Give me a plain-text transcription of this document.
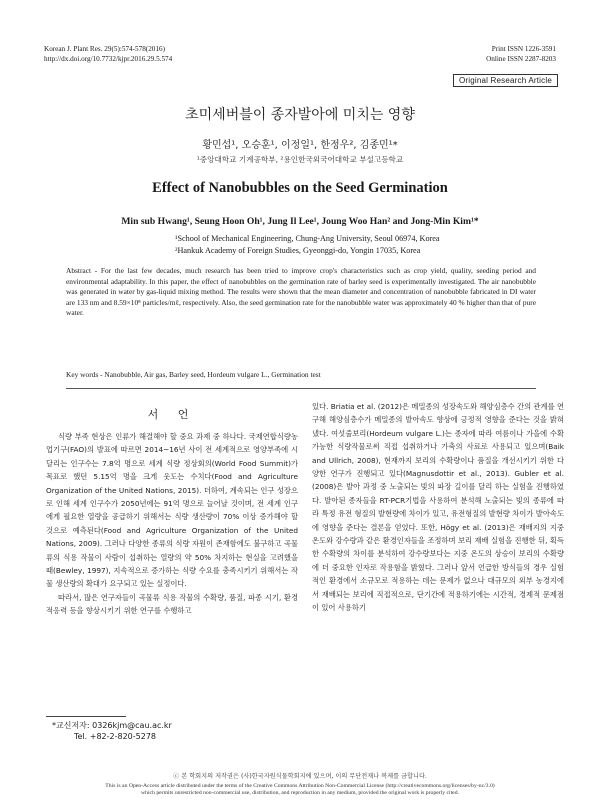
Korean J. Plant Res. 29(5):574-578(2016)
http://dx.doi.org/10.7732/kjpr.2016.29.5.574
Print ISSN 1226-3591
Online ISSN 2287-8203
Original Research Article
초미세버블이 종자발아에 미치는 영향
황민섭¹, 오승훈¹, 이정일¹, 한정우², 김종민¹*
¹중앙대학교 기계공학부, ²용인한국외국어대학교 부설고등학교
Effect of Nanobubbles on the Seed Germination
Min sub Hwang¹, Seung Hoon Oh¹, Jung Il Lee¹, Joung Woo Han² and Jong-Min Kim¹*
¹School of Mechanical Engineering, Chung-Ang University, Seoul 06974, Korea
²Hankuk Academy of Foreign Studies, Gyeonggi-do, Yongin 17035, Korea
Abstract - For the last few decades, much research has been tried to improve crop's characteristics such as crop yield, quality, seeding period and environmental adaptability. In this paper, the effect of nanobubbles on the germination rate of barley seed is experimentally investigated. The air nanobubble was generated in water by gas-liquid mixing method. The results were shown that the mean diameter and concentration of nanobubble fabricated in DI water are 133 nm and 8.59×10⁸ particles/mℓ, respectively. Also, the seed germination rate for the nanobubble water was approximately 40 % higher than that of pure water.
Key words - Nanobubble, Air gas, Barley seed, Hordeum vulgare L., Germination test
서 언

식량 부족 현상은 인류가 해결해야 할 중요 과제 중 하나다. 국제연합식량농업기구(FAO)의 발표에 따르면 2014~16년 사이 전 세계적으로 영양부족에 시달리는 인구수는 7.8억 명으로 세계 식량 정상회의(World Food Summit)가 목표로 했던 5.15억 명을 크게 웃도는 수치다(Food and Agriculture Organization of the United Nations, 2015). 더하여, 계속되는 인구 성장으로 인해 세계 인구수가 2050년에는 91억 명으로 늘어날 것이며, 전 세계 인구에게 필요한 열량을 공급하기 위해서는 식량 생산량이 70% 이상 증가해야 할 것으로 예측된다(Food and Agriculture Organization of the United Nations, 2009). 그러나 다양한 종류의 식량 자원이 존재함에도 불구하고 곡물류의 식용 작물이 사람이 섭취하는 열량의 약 50% 차지하는 현실을 고려했을 때(Bewley, 1997), 지속적으로 증가하는 식량 수요를 충족시키기 위해서는 작물 생산량의 확대가 요구되고 있는 실정이다.

따라서, 많은 연구자들이 곡물류 식용 작물의 수확량, 품질, 파종 시기, 환경 적응력 등을 향상시키기 위한 연구를 수행하고

있다. Briatia et al. (2012)은 메밀종의 성장속도와 해양심층수 간의 관계를 연구해 해양심층수가 메밀종의 발아속도 향상에 긍정적 영향을 준다는 것을 밝혀냈다. 여섯줄보리(Hordeum vulgare L.)는 종자에 따라 여름이나 가을에 수확 가능한 식량작물로써 직접 섭취하거나 가축의 사료로 사용되고 있으며(Baik and Ullrich, 2008), 현재까지 보리의 수확량이나 품질을 개선시키기 위한 다양한 연구가 진행되고 있다(Magnusdottir et al., 2013). Gubler et al. (2008)은 발아 과정 중 노출되는 빛의 파장 길이를 달리 하는 실험을 진행하였다. 발아된 종자들을 RT-PCR기법을 사용하여 분석해 노출되는 빛의 종류에 따라 특정 유전 형질의 발현량에 차이가 있고, 유전형질의 발현량 차이가 발아속도에 영향을 준다는 결론을 얻었다. 또한, Högy et al. (2013)은 재배지의 지중 온도와 강수량과 같은 환경인자들을 조정하며 보리 재배 실험을 진행한 뒤, 획득한 수확량의 차이를 분석하여 강수량보다는 지중 온도의 상승이 보리의 수확량에 더 중요한 인자로 작용함을 밝혔다. 그러나 앞서 언급한 방식들의 경우 실험적인 환경에서 소규모로 적용하는 데는 문제가 없으나 대규모의 외부 농경지에서 재배되는 보리에 직접적으로, 단기간에 적용하기에는 시간적, 경제적 문제점이 있어 사용하기

*교신저자: 0326kjm@cau.ac.kr
Tel. +82-2-820-5278
ⓒ 본 학회지의 저작권은 (사)한국자원식물학회지에 있으며, 이의 무단전재나 복제를 금합니다.
This is an Open-Access article distributed under the terms of the Creative Commons Attribution Non-Commercial License (http://creativecommons.org/licenses/by-nc/3.0)
which permits unrestricted non-commercial use, distribution, and reproduction in any medium, provided the original work is properly cited.
